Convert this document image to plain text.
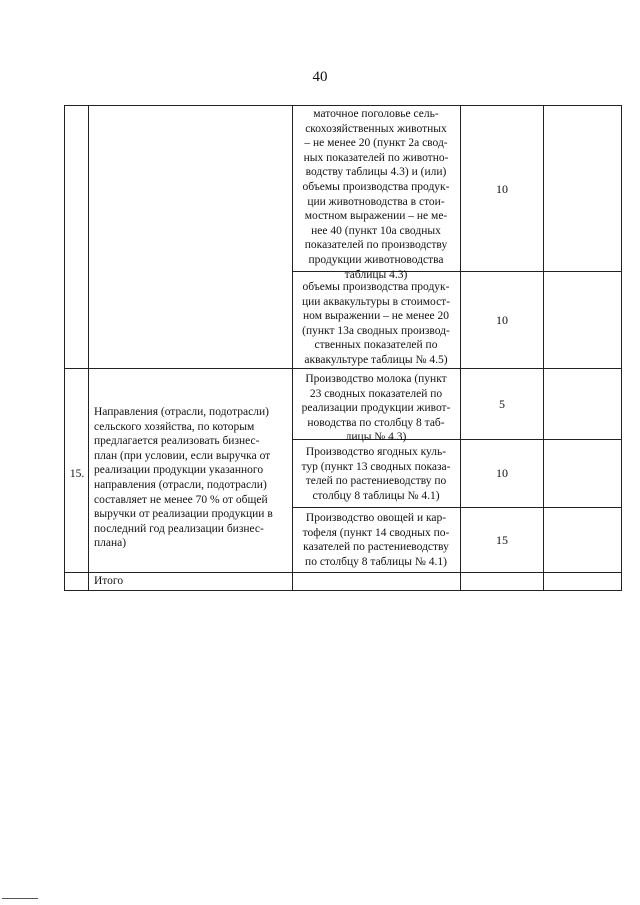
40
маточное поголовье сель-
скохозяйственных животных
– не менее 20 (пункт 2а свод-
ных показателей по животно-
водству таблицы 4.3) и (или)
объемы производства продук-
ции животноводства в стои-
мостном выражении – не ме-
нее 40 (пункт 10а сводных
показателей по производству
продукции животноводства
таблицы 4.3)
10
объемы производства продук-
ции аквакультуры в стоимост-
ном выражении – не менее 20
(пункт 13а сводных производ-
ственных показателей по
аквакультуре таблицы № 4.5)
10
15.
Направления (отрасли, подотрасли)
сельского хозяйства, по которым
предлагается реализовать бизнес-
план (при условии, если выручка от
реализации продукции указанного
направления (отрасли, подотрасли)
составляет не менее 70 % от общей
выручки от реализации продукции в
последний год реализации бизнес-
плана)
Производство молока (пункт
23 сводных показателей по
реализации продукции живот-
новодства по столбцу 8 таб-
лицы № 4.3)
5
Производство ягодных куль-
тур (пункт 13 сводных показа-
телей по растениеводству по
столбцу 8 таблицы № 4.1)
10
Производство овощей и кар-
тофеля (пункт 14 сводных по-
казателей по растениеводству
по столбцу 8 таблицы № 4.1)
15
Итого
